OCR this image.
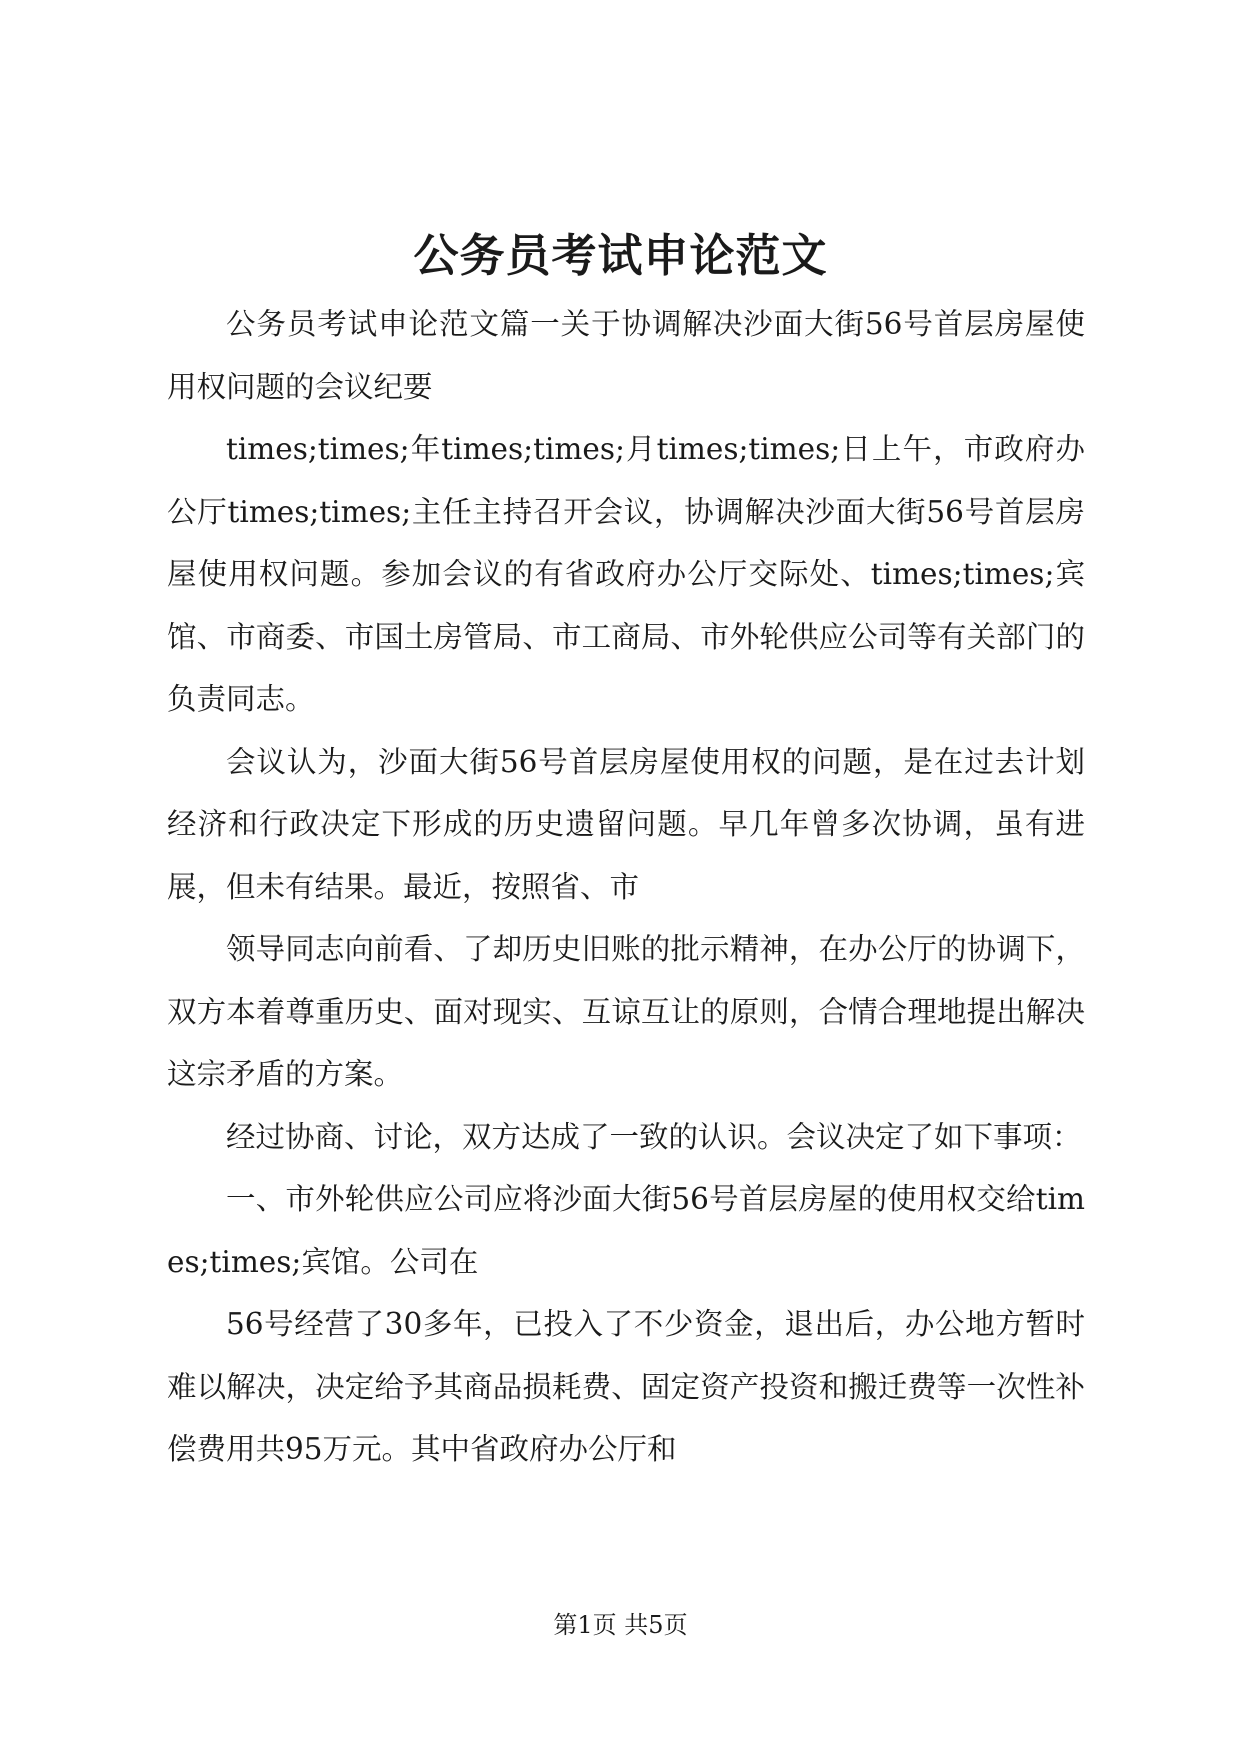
公务员考试申论范文

公务员考试申论范文篇一关于协调解决沙面大街56号首层房屋使用权问题的会议纪要

times;times;年times;times;月times;times;日上午，市政府办公厅times;times;主任主持召开会议，协调解决沙面大街56号首层房屋使用权问题。参加会议的有省政府办公厅交际处、times;times;宾馆、市商委、市国土房管局、市工商局、市外轮供应公司等有关部门的负责同志。

会议认为，沙面大街56号首层房屋使用权的问题，是在过去计划经济和行政决定下形成的历史遗留问题。早几年曾多次协调，虽有进展，但未有结果。最近，按照省、市

领导同志向前看、了却历史旧账的批示精神，在办公厅的协调下，双方本着尊重历史、面对现实、互谅互让的原则，合情合理地提出解决这宗矛盾的方案。

经过协商、讨论，双方达成了一致的认识。会议决定了如下事项：

一、市外轮供应公司应将沙面大街56号首层房屋的使用权交给times;times;宾馆。公司在

56号经营了30多年，已投入了不少资金，退出后，办公地方暂时难以解决，决定给予其商品损耗费、固定资产投资和搬迁费等一次性补偿费用共95万元。其中省政府办公厅和

第1页 共5页
